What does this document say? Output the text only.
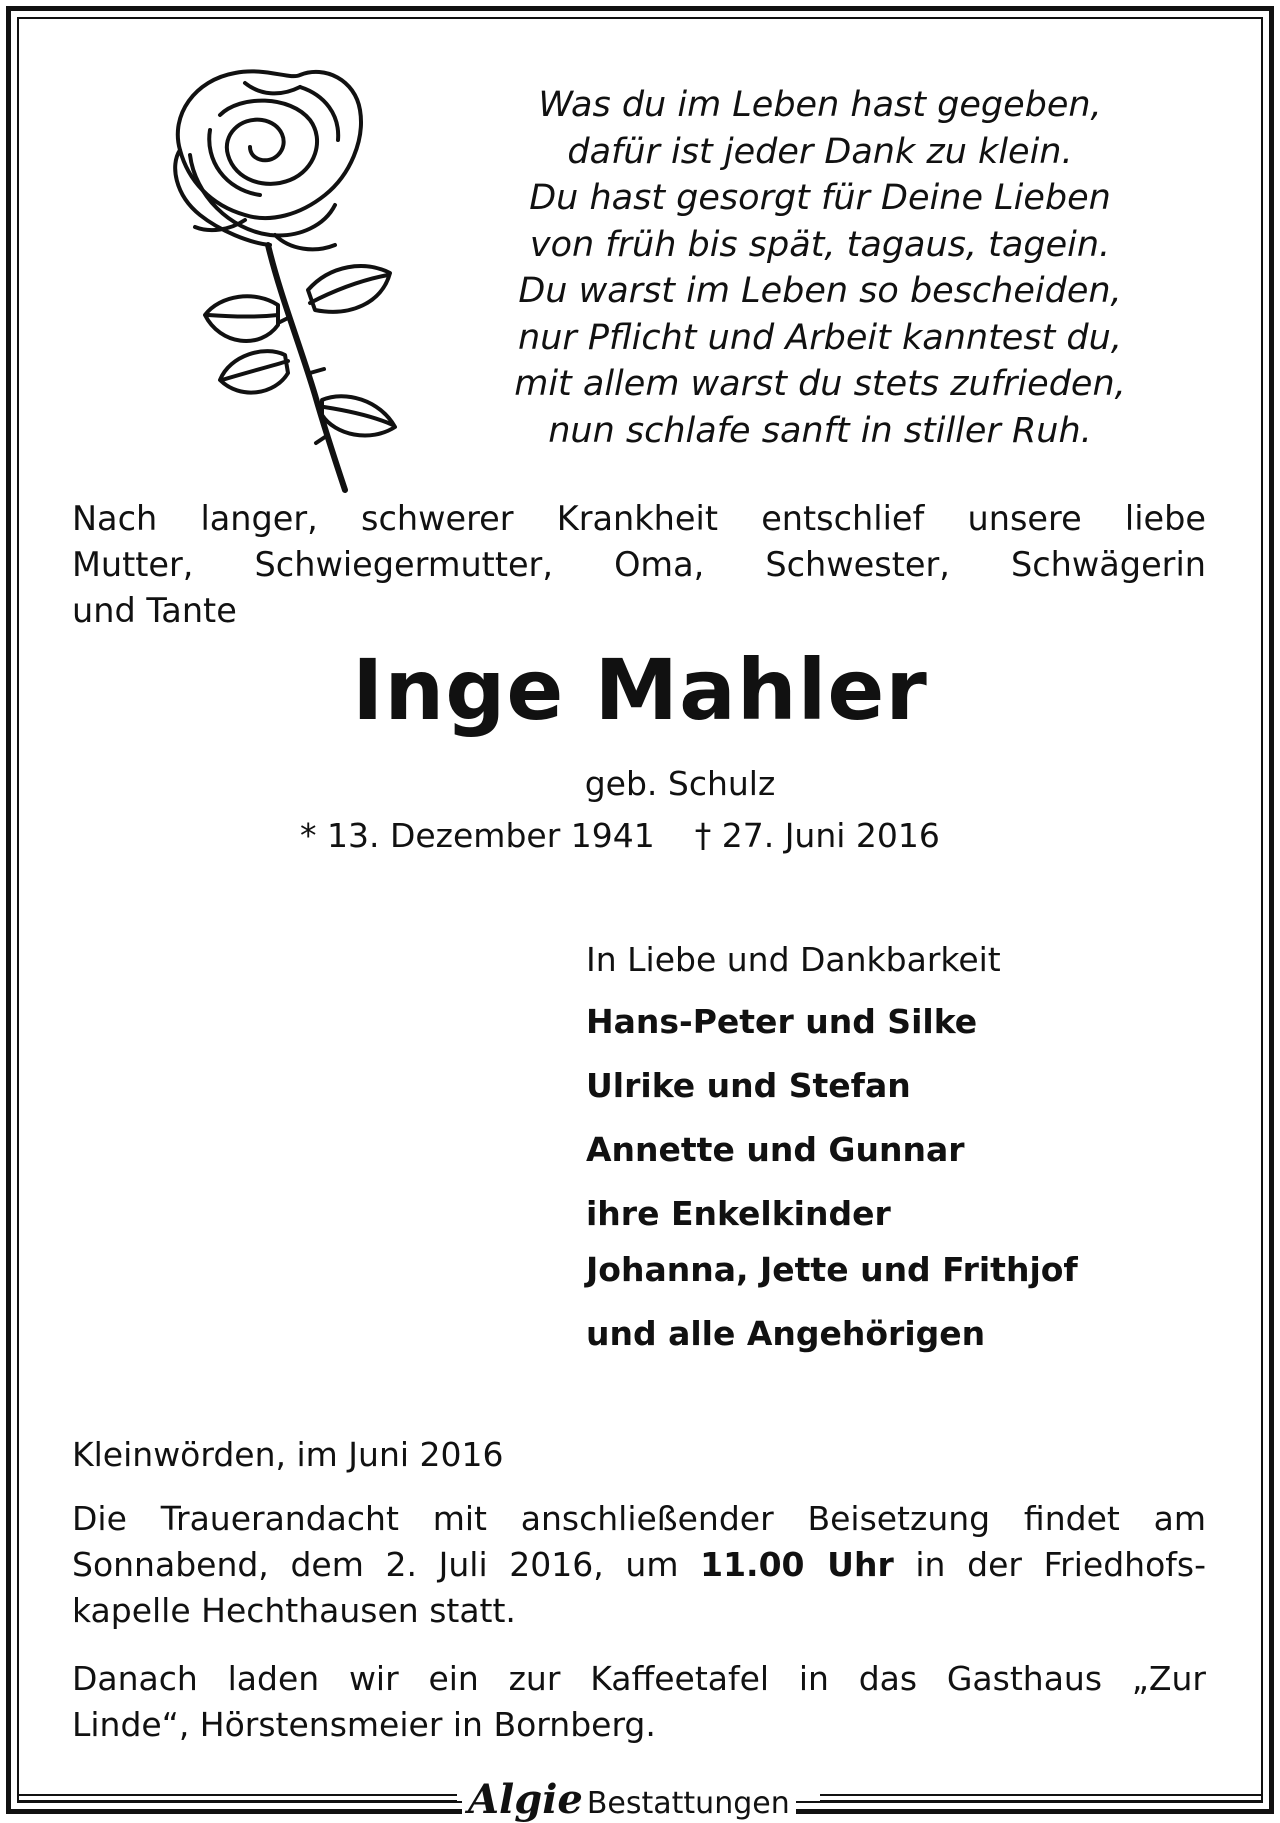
Was du im Leben hast gegeben,
dafür ist jeder Dank zu klein.
Du hast gesorgt für Deine Lieben
von früh bis spät, tagaus, tagein.
Du warst im Leben so bescheiden,
nur Pflicht und Arbeit kanntest du,
mit allem warst du stets zufrieden,
nun schlafe sanft in stiller Ruh.
Nach langer, schwerer Krankheit entschlief unsere liebe
Mutter, Schwiegermutter, Oma, Schwester, Schwägerin
und Tante
Inge Mahler
geb. Schulz
* 13. Dezember 1941 † 27. Juni 2016
In Liebe und Dankbarkeit
Hans-Peter und Silke
Ulrike und Stefan
Annette und Gunnar
ihre Enkelkinder
Johanna, Jette und Frithjof
und alle Angehörigen
Kleinwörden, im Juni 2016
Die Trauerandacht mit anschließender Beisetzung findet am
Sonnabend, dem 2. Juli 2016, um 11.00 Uhr in der Friedhofs-
kapelle Hechthausen statt.
Danach laden wir ein zur Kaffeetafel in das Gasthaus „Zur
Linde“, Hörstensmeier in Bornberg.
Algie Bestattungen
